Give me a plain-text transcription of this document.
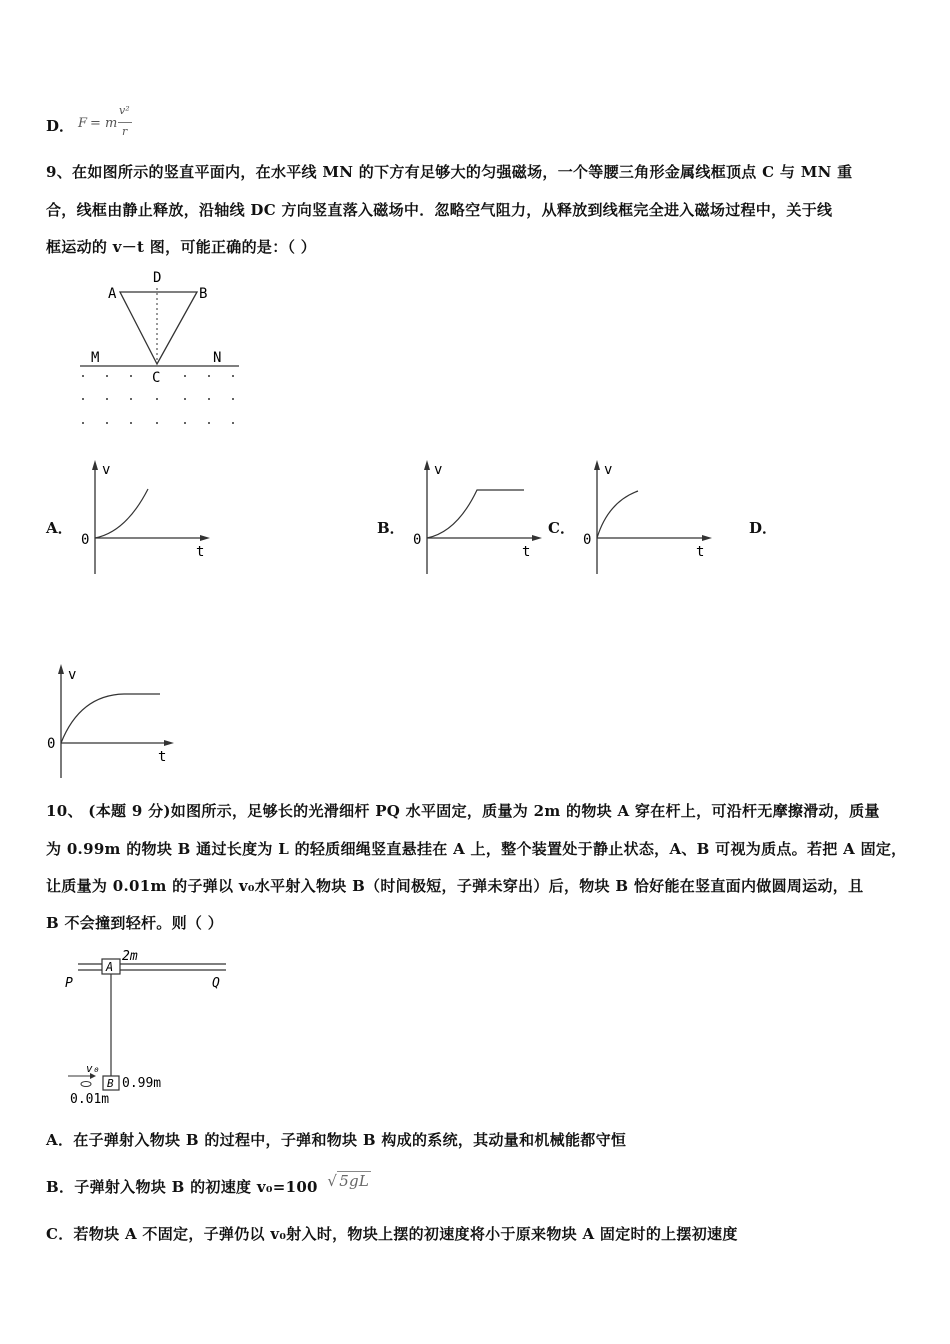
D． F = m
v²
r
9、在如图所示的竖直平面内，在水平线 MN 的下方有足够大的匀强磁场，一个等腰三角形金属线框顶点 C 与 MN 重
合，线框由静止释放，沿轴线 DC 方向竖直落入磁场中．忽略空气阻力，从释放到线框完全进入磁场过程中，关于线
框运动的 v－t 图，可能正确的是：（ ）
A
D
B
M	N
C
A．	B．	C．	D．
v
t
0
v
t
0
v
t
0
v
t
0
10、 (本题 9 分)如图所示，足够长的光滑细杆 PQ 水平固定，质量为 2m 的物块 A 穿在杆上，可沿杆无摩擦滑动，质量
为 0.99m 的物块 B 通过长度为 L 的轻质细绳竖直悬挂在 A 上，整个装置处于静止状态，A、B 可视为质点。若把 A 固定，
让质量为 0.01m 的子弹以 v₀水平射入物块 B（时间极短，子弹未穿出）后，物块 B 恰好能在竖直面内做圆周运动，且
B 不会撞到轻杆。则（ ）
A
2m
P	Q
B 0.99m
v₀
0.01m
A．在子弹射入物块 B 的过程中，子弹和物块 B 构成的系统，其动量和机械能都守恒
B．子弹射入物块 B 的初速度 v₀=100 √ 5gL
C．若物块 A 不固定，子弹仍以 v₀射入时，物块上摆的初速度将小于原来物块 A 固定时的上摆初速度
